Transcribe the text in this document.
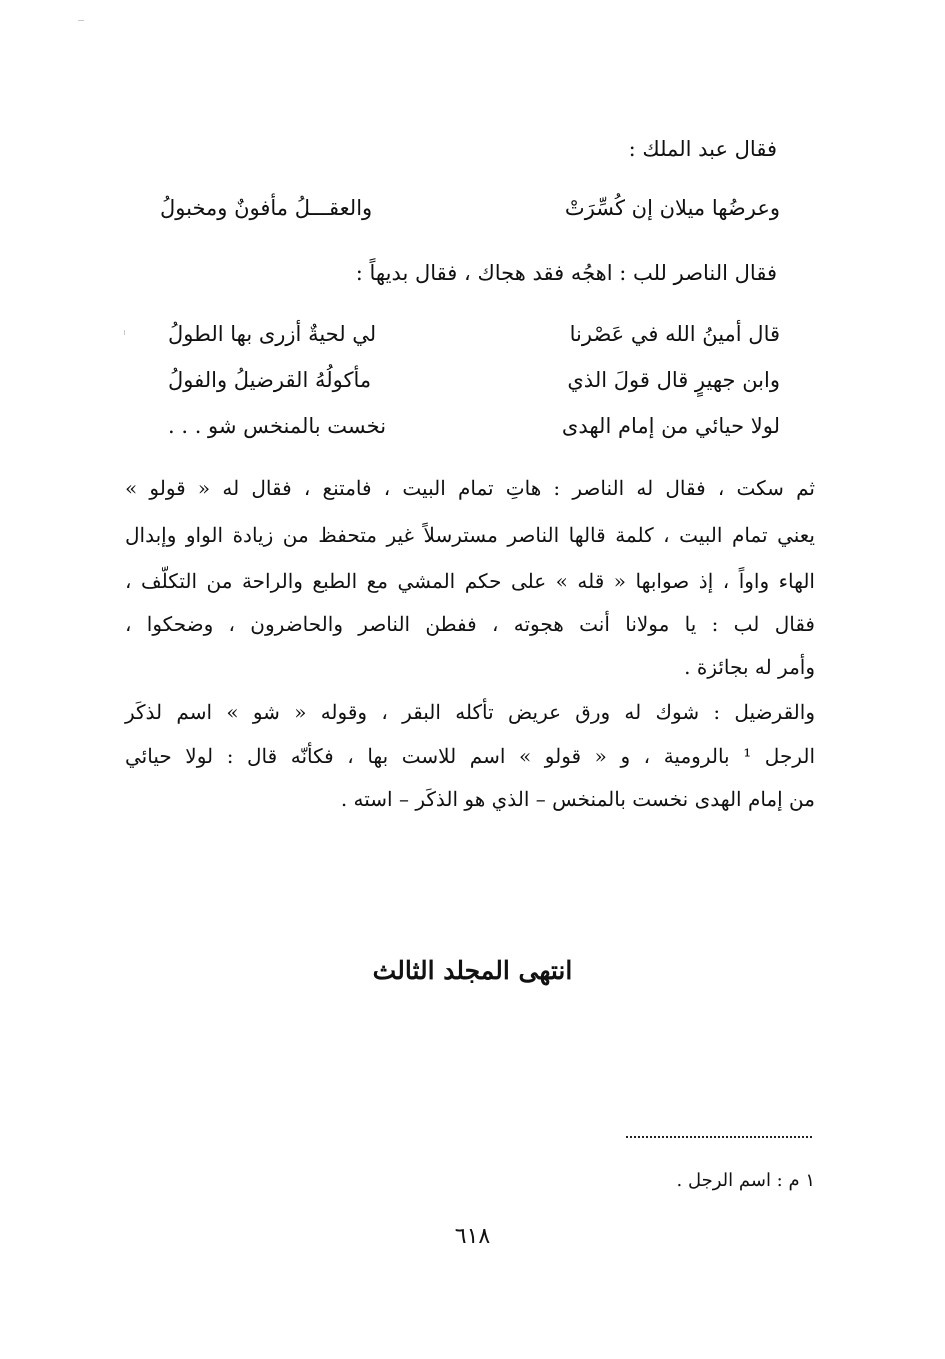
فقال عبد الملك :
وعرضُها ميلان إن كُسِّرَتْ
والعقـــلُ مأفونٌ ومخبولُ
فقال الناصر للب : اهجُه فقد هجاك ، فقال بديهاً :
قال أمينُ الله في عَصْرنا
لي لحيةٌ أزرى بها الطولُ
وابن جهيرٍ قال قولَ الذي
مأكولُهُ القرضيلُ والفولُ
لولا حيائي من إمام الهدى
نخست بالمنخس شو . . .
ثم سكت ، فقال له الناصر : هاتِ تمام البيت ، فامتنع ، فقال له « قولو »
يعني تمام البيت ، كلمة قالها الناصر مسترسلاً غير متحفظ من زيادة الواو وإبدال
الهاء واواً ، إذ صوابها « قله » على حكم المشي مع الطبع والراحة من التكلّف ،
فقال لب : يا مولانا أنت هجوته ، ففطن الناصر والحاضرون ، وضحكوا ،
وأمر له بجائزة .
والقرضيل : شوك له ورق عريض تأكله البقر ، وقوله « شو » اسم لذكَر
الرجل ¹ بالرومية ، و « قولو » اسم للاست بها ، فكأنّه قال : لولا حيائي
من إمام الهدى نخست بالمنخس – الذي هو الذكَر – استه .
انتهى المجلد الثالث
١ م : اسم الرجل .
٦١٨
